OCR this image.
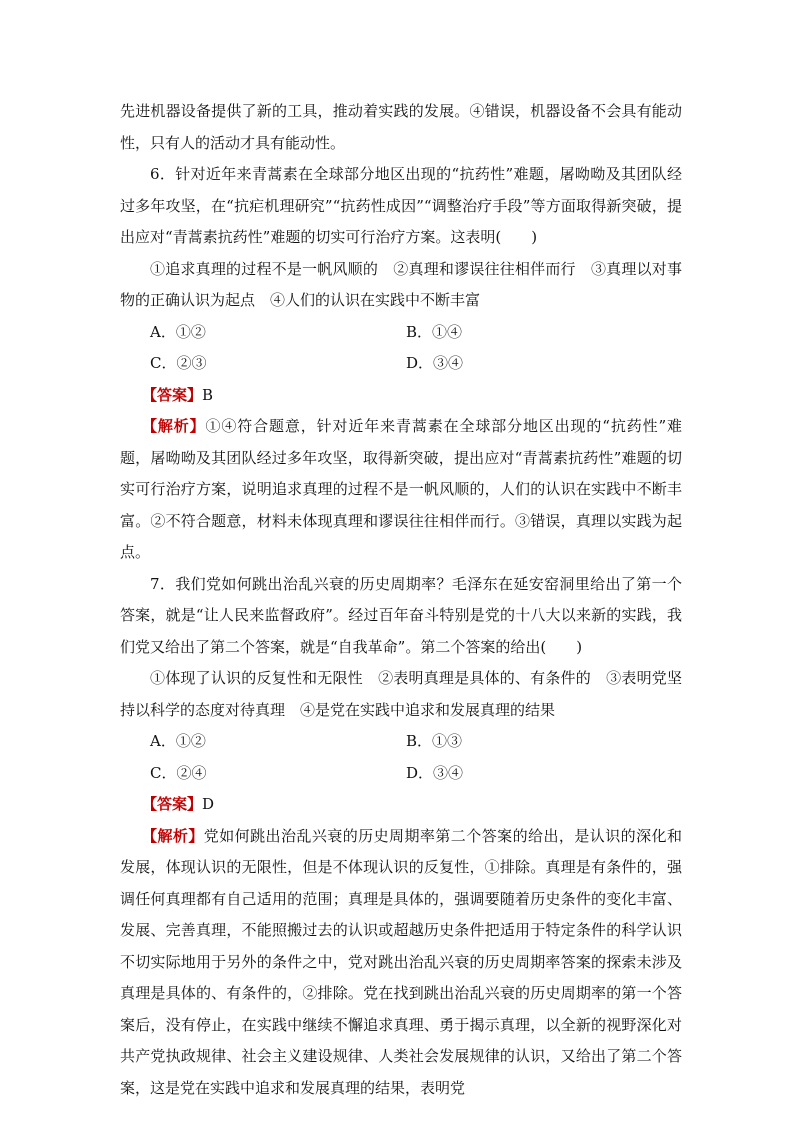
先进机器设备提供了新的工具，推动着实践的发展。④错误，机器设备不会具有能动性，只有人的活动才具有能动性。

6．针对近年来青蒿素在全球部分地区出现的“抗药性”难题，屠呦呦及其团队经过多年攻坚，在“抗疟机理研究”“抗药性成因”“调整治疗手段”等方面取得新突破，提出应对“青蒿素抗药性”难题的切实可行治疗方案。这表明(　　)

①追求真理的过程不是一帆风顺的　②真理和谬误往往相伴而行　③真理以对事物的正确认识为起点　④人们的认识在实践中不断丰富

A．①②	B．①④
C．②③	D．③④

【答案】B

【解析】①④符合题意，针对近年来青蒿素在全球部分地区出现的“抗药性”难题，屠呦呦及其团队经过多年攻坚，取得新突破，提出应对“青蒿素抗药性”难题的切实可行治疗方案，说明追求真理的过程不是一帆风顺的，人们的认识在实践中不断丰富。②不符合题意，材料未体现真理和谬误往往相伴而行。③错误，真理以实践为起点。

7．我们党如何跳出治乱兴衰的历史周期率？毛泽东在延安窑洞里给出了第一个答案，就是“让人民来监督政府”。经过百年奋斗特别是党的十八大以来新的实践，我们党又给出了第二个答案，就是“自我革命”。第二个答案的给出(　　)

①体现了认识的反复性和无限性　②表明真理是具体的、有条件的　③表明党坚持以科学的态度对待真理　④是党在实践中追求和发展真理的结果

A．①②	B．①③
C．②④	D．③④

【答案】D

【解析】党如何跳出治乱兴衰的历史周期率第二个答案的给出，是认识的深化和发展，体现认识的无限性，但是不体现认识的反复性，①排除。真理是有条件的，强调任何真理都有自己适用的范围；真理是具体的，强调要随着历史条件的变化丰富、发展、完善真理，不能照搬过去的认识或超越历史条件把适用于特定条件的科学认识不切实际地用于另外的条件之中，党对跳出治乱兴衰的历史周期率答案的探索未涉及真理是具体的、有条件的，②排除。党在找到跳出治乱兴衰的历史周期率的第一个答案后，没有停止，在实践中继续不懈追求真理、勇于揭示真理，以全新的视野深化对共产党执政规律、社会主义建设规律、人类社会发展规律的认识，又给出了第二个答案，这是党在实践中追求和发展真理的结果，表明党
